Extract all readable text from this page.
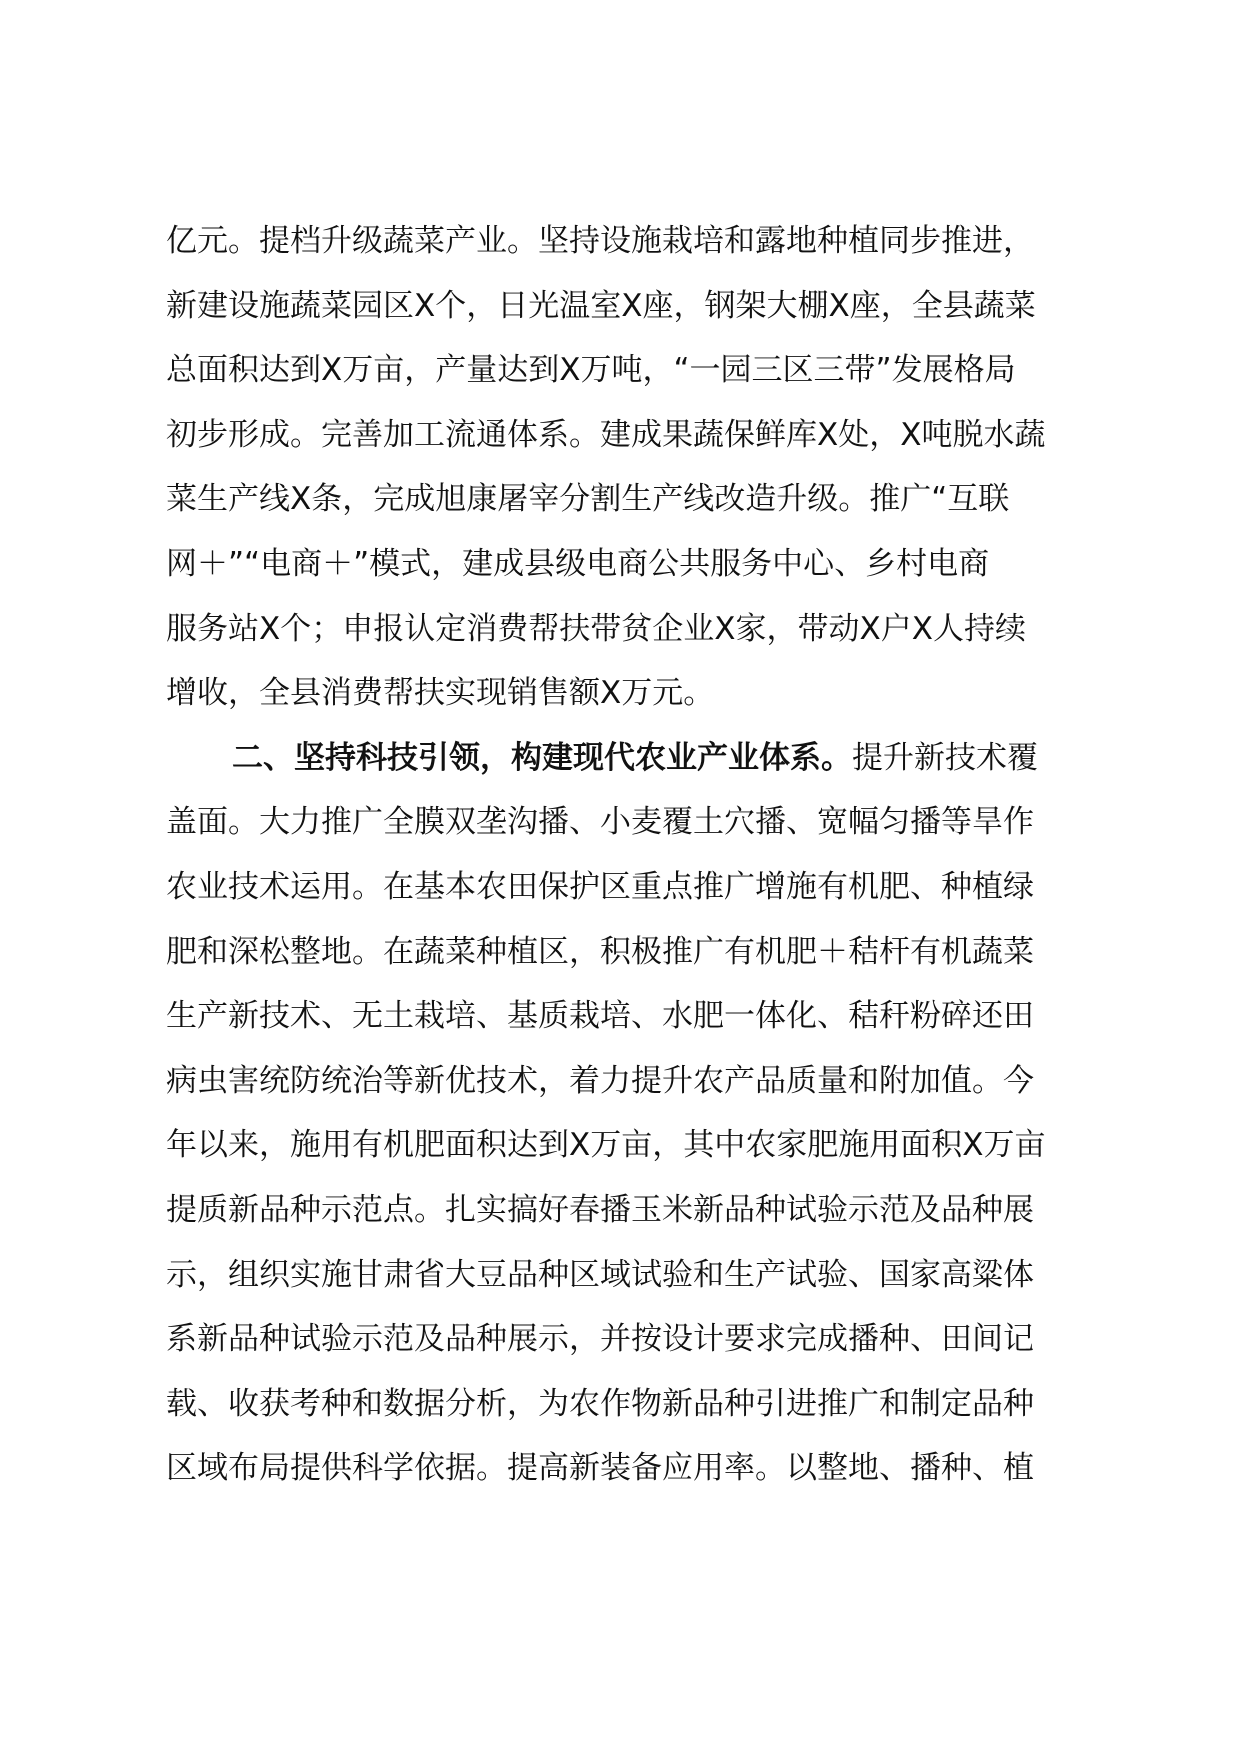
亿元。提档升级蔬菜产业。坚持设施栽培和露地种植同步推进，
新建设施蔬菜园区X个，日光温室X座，钢架大棚X座，全县蔬菜
总面积达到X万亩，产量达到X万吨，“一园三区三带”发展格局
初步形成。完善加工流通体系。建成果蔬保鲜库X处，X吨脱水蔬
菜生产线X条，完成旭康屠宰分割生产线改造升级。推广“互联
网＋”“电商＋”模式，建成县级电商公共服务中心、乡村电商
服务站X个；申报认定消费帮扶带贫企业X家，带动X户X人持续
增收，全县消费帮扶实现销售额X万元。
二、坚持科技引领，构建现代农业产业体系。提升新技术覆
盖面。大力推广全膜双垄沟播、小麦覆土穴播、宽幅匀播等旱作
农业技术运用。在基本农田保护区重点推广增施有机肥、种植绿
肥和深松整地。在蔬菜种植区，积极推广有机肥＋秸杆有机蔬菜
生产新技术、无土栽培、基质栽培、水肥一体化、秸秆粉碎还田
病虫害统防统治等新优技术，着力提升农产品质量和附加值。今
年以来，施用有机肥面积达到X万亩，其中农家肥施用面积X万亩
提质新品种示范点。扎实搞好春播玉米新品种试验示范及品种展
示，组织实施甘肃省大豆品种区域试验和生产试验、国家高粱体
系新品种试验示范及品种展示，并按设计要求完成播种、田间记
载、收获考种和数据分析，为农作物新品种引进推广和制定品种
区域布局提供科学依据。提高新装备应用率。以整地、播种、植
